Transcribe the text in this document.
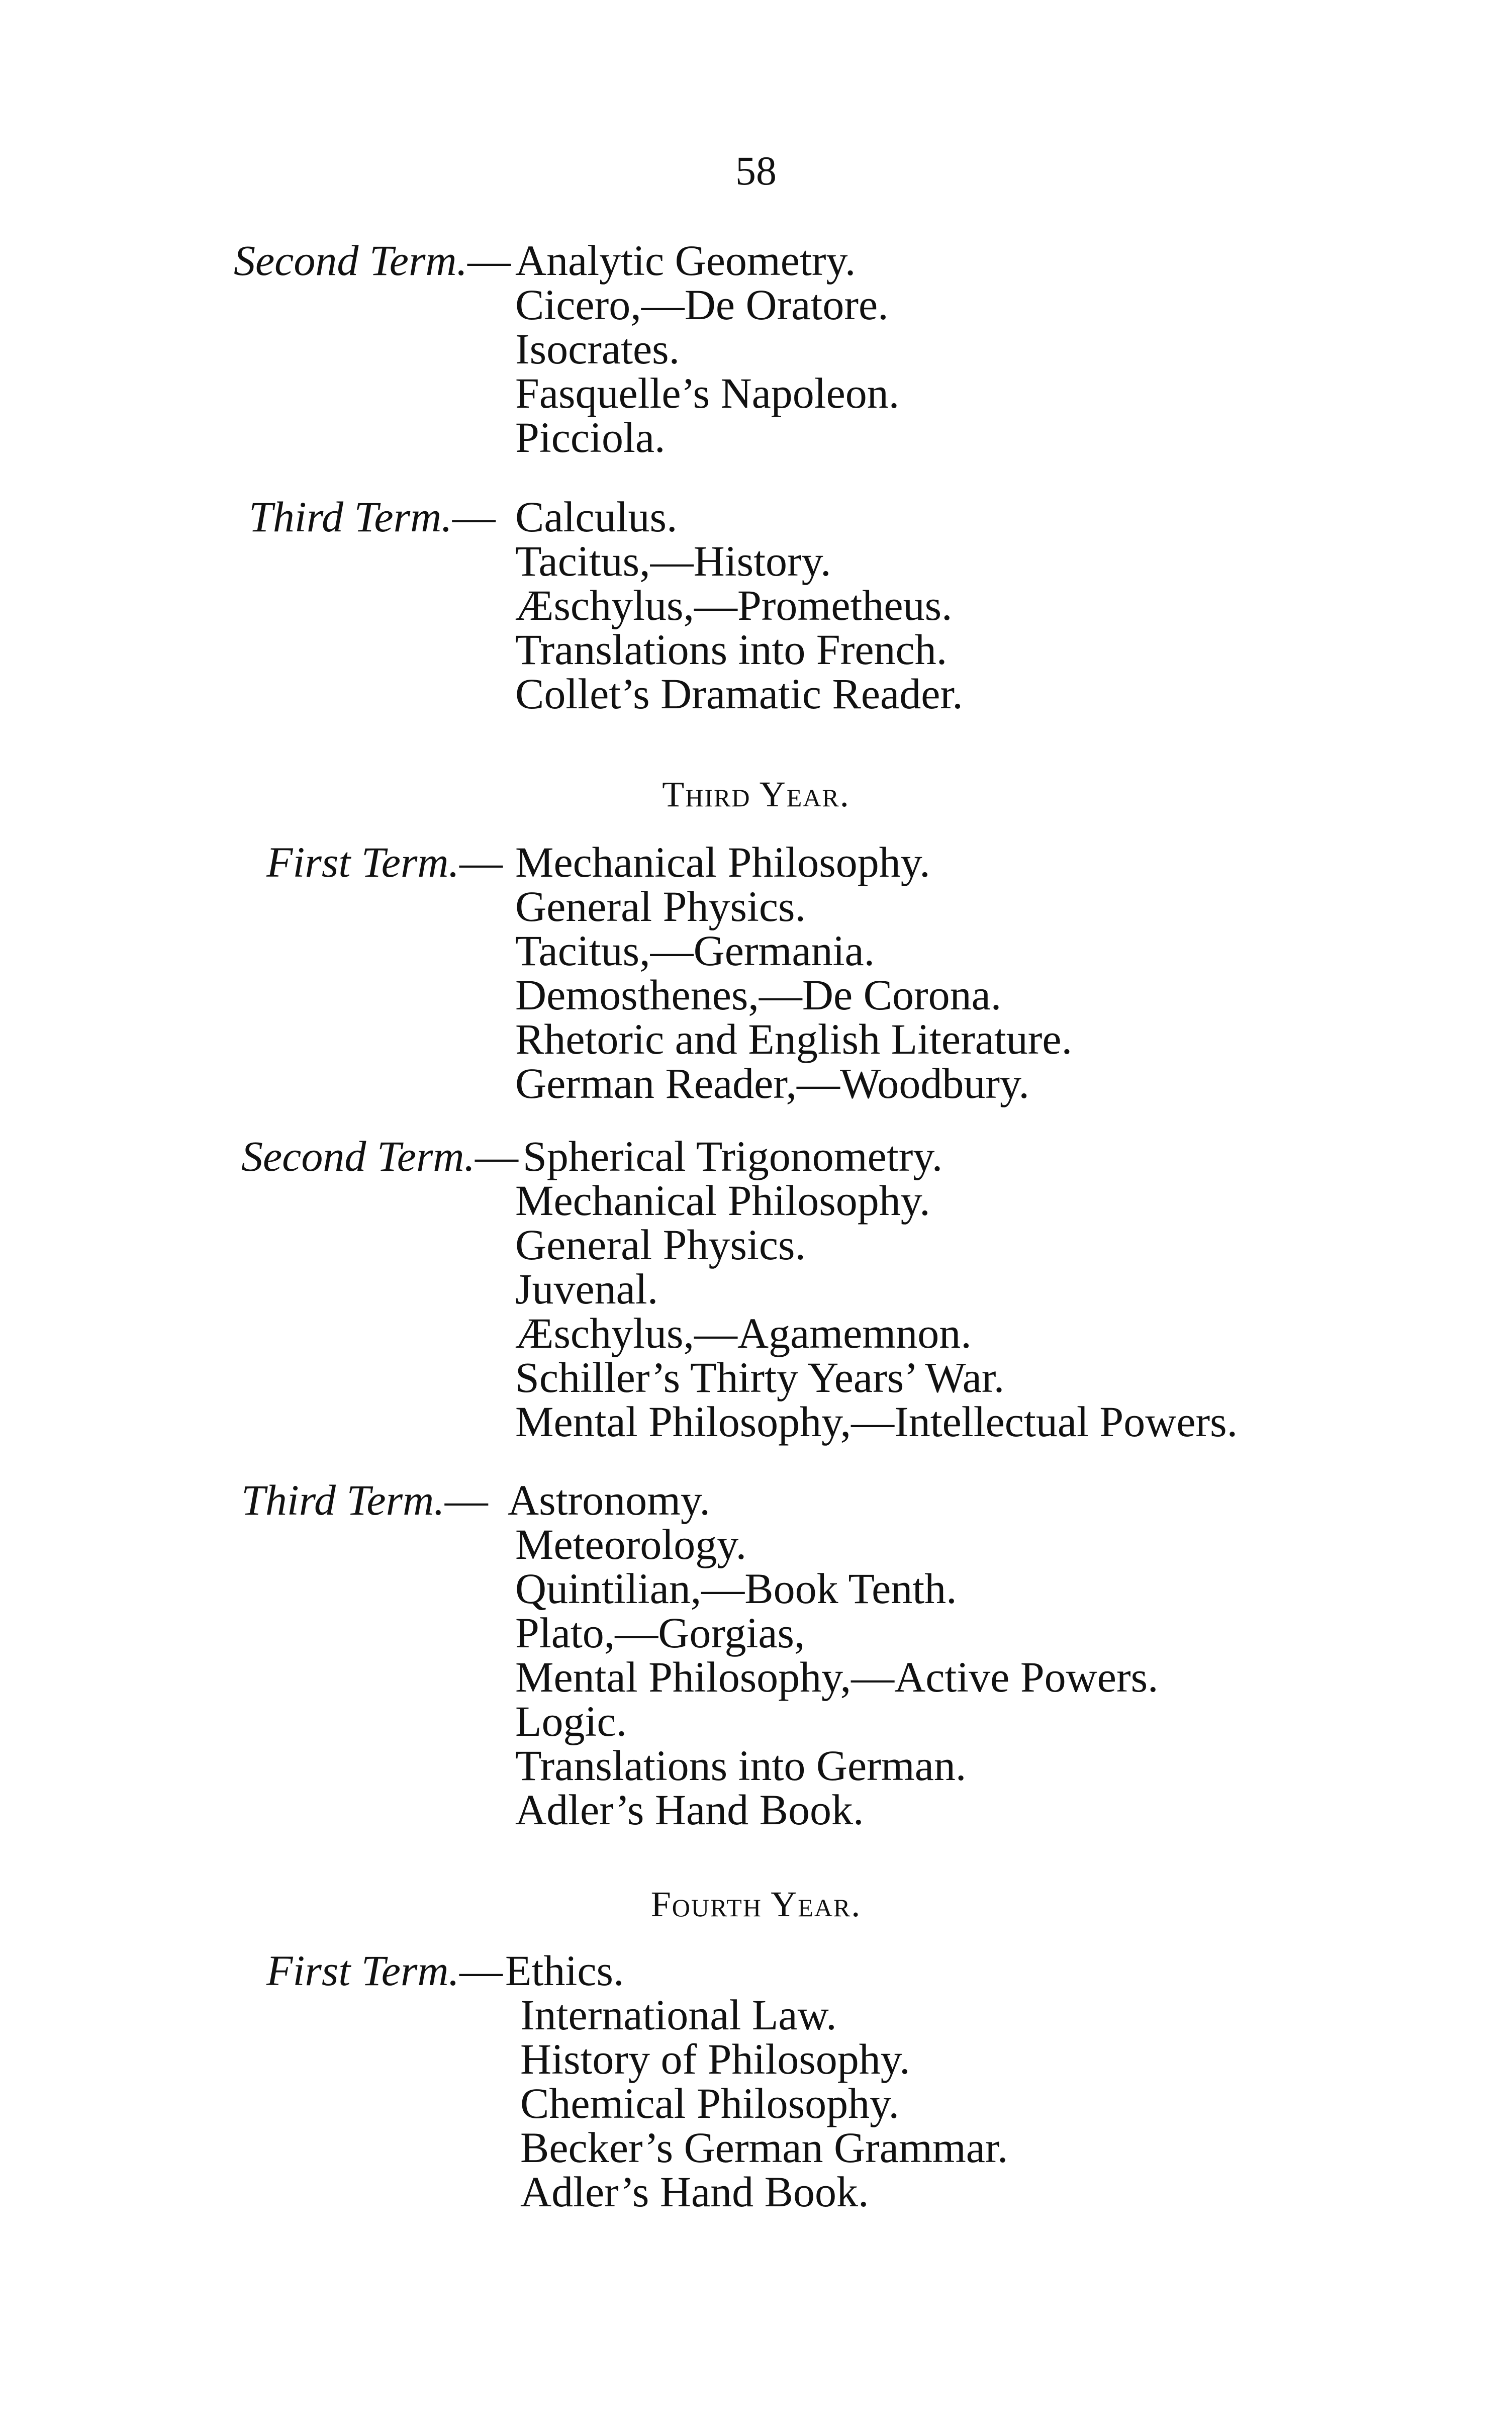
58
Second Term.— Analytic Geometry.
Cicero,—De Oratore.
Isocrates.
Fasquelle’s Napoleon.
Picciola.
Third Term.— Calculus.
Tacitus,—History.
Æschylus,—Prometheus.
Translations into French.
Collet’s Dramatic Reader.
Third Year.
First Term.— Mechanical Philosophy.
General Physics.
Tacitus,—Germania.
Demosthenes,—De Corona.
Rhetoric and English Literature.
German Reader,—Woodbury.
Second Term.— Spherical Trigonometry.
Mechanical Philosophy.
General Physics.
Juvenal.
Æschylus,—Agamemnon.
Schiller’s Thirty Years’ War.
Mental Philosophy,—Intellectual Powers.
Third Term.— Astronomy.
Meteorology.
Quintilian,—Book Tenth.
Plato,—Gorgias,
Mental Philosophy,—Active Powers.
Logic.
Translations into German.
Adler’s Hand Book.
Fourth Year.
First Term.— Ethics.
International Law.
History of Philosophy.
Chemical Philosophy.
Becker’s German Grammar.
Adler’s Hand Book.
